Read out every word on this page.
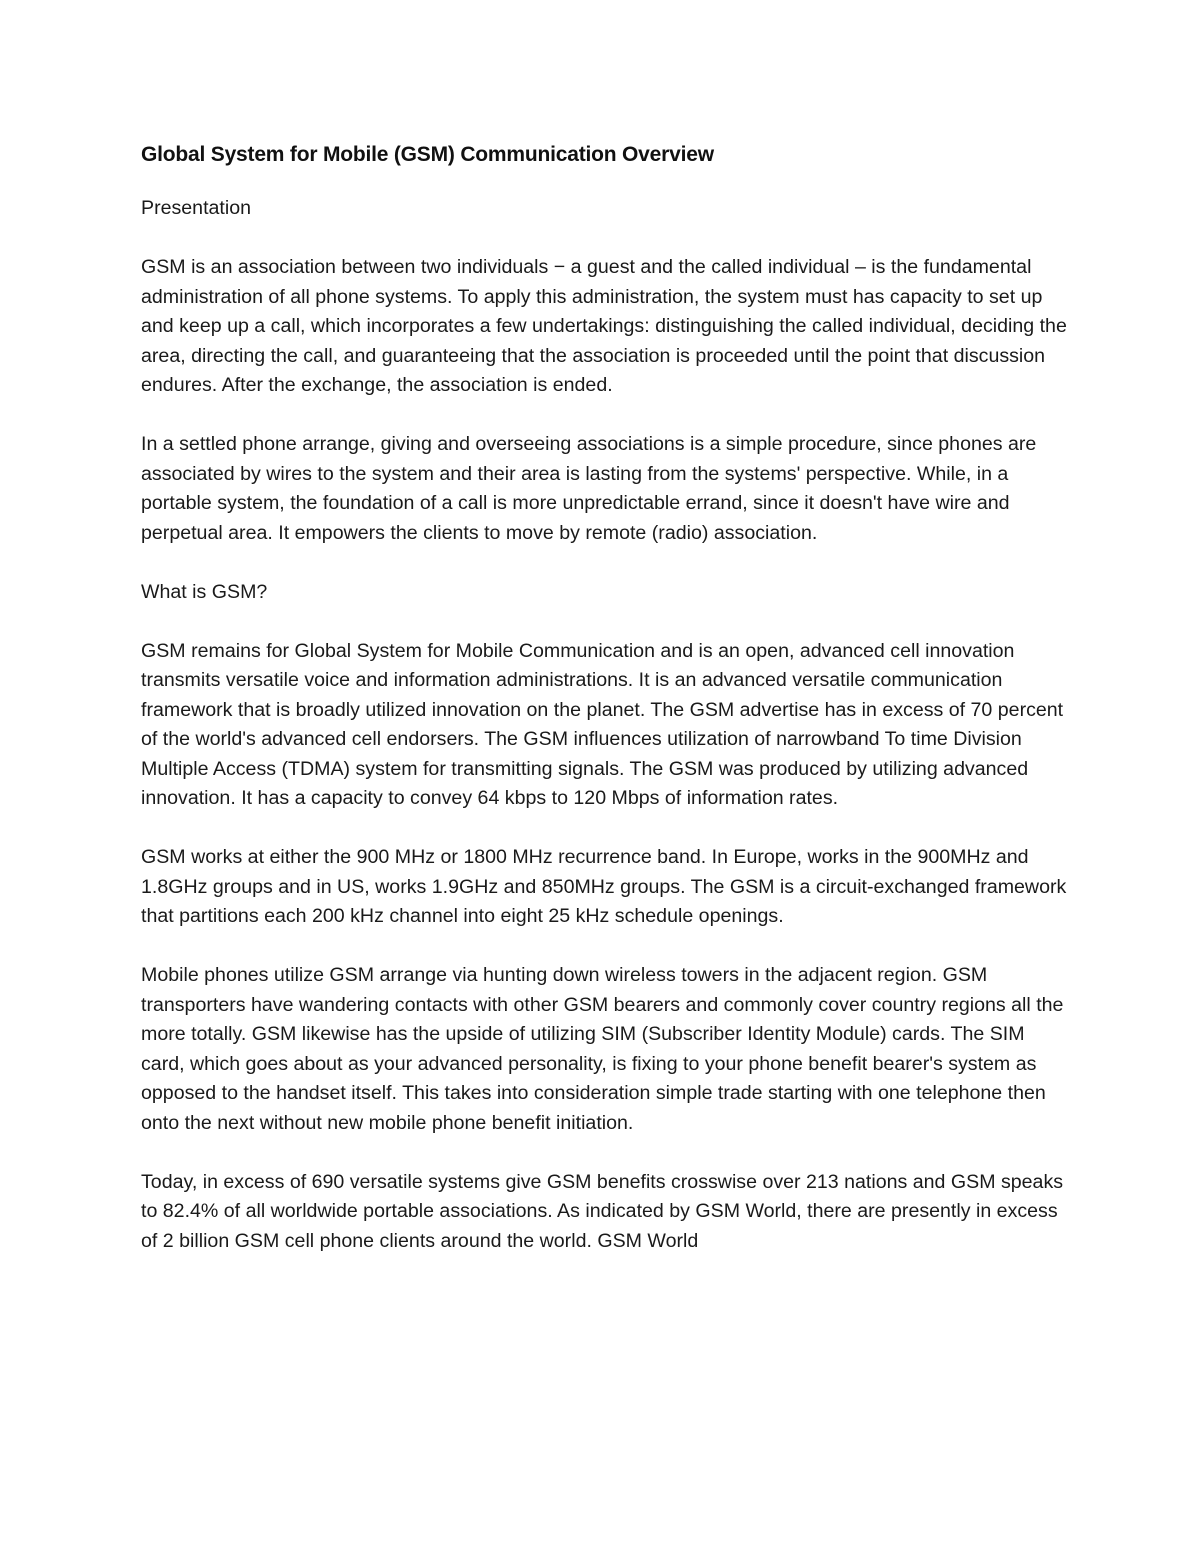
Global System for Mobile (GSM) Communication Overview

Presentation

GSM is an association between two individuals − a guest and the called individual – is the fundamental administration of all phone systems. To apply this administration, the system must has capacity to set up and keep up a call, which incorporates a few undertakings: distinguishing the called individual, deciding the area, directing the call, and guaranteeing that the association is proceeded until the point that discussion endures. After the exchange, the association is ended.

In a settled phone arrange, giving and overseeing associations is a simple procedure, since phones are associated by wires to the system and their area is lasting from the systems' perspective. While, in a portable system, the foundation of a call is more unpredictable errand, since it doesn't have wire and perpetual area. It empowers the clients to move by remote (radio) association.

What is GSM?

GSM remains for Global System for Mobile Communication and is an open, advanced cell innovation transmits versatile voice and information administrations. It is an advanced versatile communication framework that is broadly utilized innovation on the planet. The GSM advertise has in excess of 70 percent of the world's advanced cell endorsers. The GSM influences utilization of narrowband To time Division Multiple Access (TDMA) system for transmitting signals. The GSM was produced by utilizing advanced innovation. It has a capacity to convey 64 kbps to 120 Mbps of information rates.

GSM works at either the 900 MHz or 1800 MHz recurrence band. In Europe, works in the 900MHz and 1.8GHz groups and in US, works 1.9GHz and 850MHz groups. The GSM is a circuit-exchanged framework that partitions each 200 kHz channel into eight 25 kHz schedule openings.

Mobile phones utilize GSM arrange via hunting down wireless towers in the adjacent region. GSM transporters have wandering contacts with other GSM bearers and commonly cover country regions all the more totally. GSM likewise has the upside of utilizing SIM (Subscriber Identity Module) cards. The SIM card, which goes about as your advanced personality, is fixing to your phone benefit bearer's system as opposed to the handset itself. This takes into consideration simple trade starting with one telephone then onto the next without new mobile phone benefit initiation.

Today, in excess of 690 versatile systems give GSM benefits crosswise over 213 nations and GSM speaks to 82.4% of all worldwide portable associations. As indicated by GSM World, there are presently in excess of 2 billion GSM cell phone clients around the world. GSM World
